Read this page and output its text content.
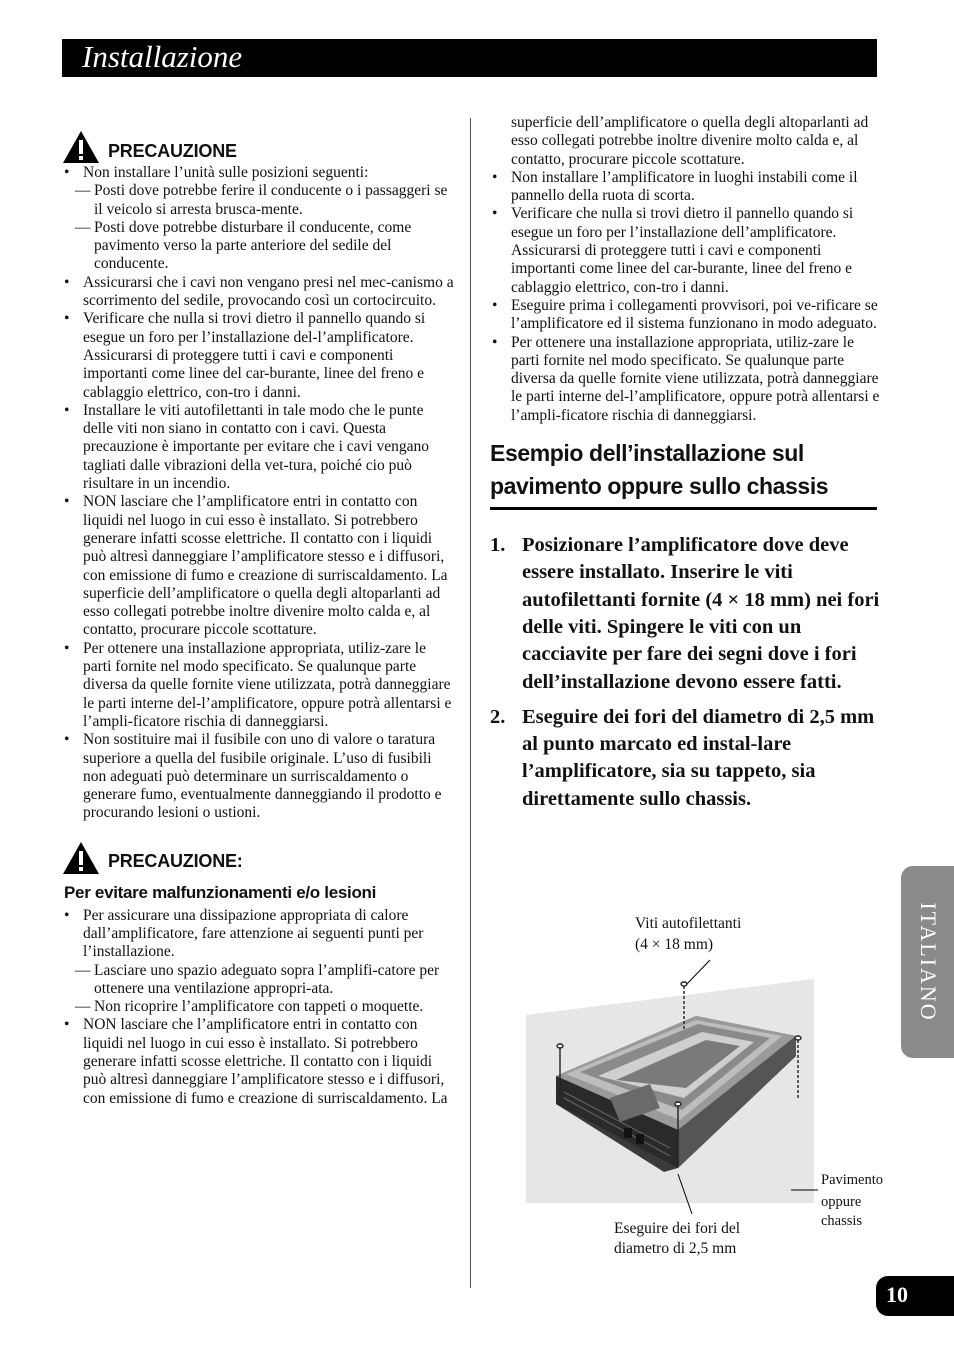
Installazione
PRECAUZIONE
• Non installare l’unità sulle posizioni seguenti:
— Posti dove potrebbe ferire il conducente o i passaggeri se il veicolo si arresta brusca-mente.
— Posti dove potrebbe disturbare il conducente, come pavimento verso la parte anteriore del sedile del conducente.
• Assicurarsi che i cavi non vengano presi nel mec-canismo a scorrimento del sedile, provocando così un cortocircuito.
• Verificare che nulla si trovi dietro il pannello quando si esegue un foro per l’installazione del-l’amplificatore. Assicurarsi di proteggere tutti i cavi e componenti importanti come linee del car-burante, linee del freno e cablaggio elettrico, con-tro i danni.
• Installare le viti autofilettanti in tale modo che le punte delle viti non siano in contatto con i cavi. Questa precauzione è importante per evitare che i cavi vengano tagliati dalle vibrazioni della vet-tura, poiché cio può risultare in un incendio.
• NON lasciare che l’amplificatore entri in contatto con liquidi nel luogo in cui esso è installato. Si potrebbero generare infatti scosse elettriche. Il contatto con i liquidi può altresì danneggiare l’amplificatore stesso e i diffusori, con emissione di fumo e creazione di surriscaldamento. La superficie dell’amplificatore o quella degli altoparlanti ad esso collegati potrebbe inoltre divenire molto calda e, al contatto, procurare piccole scottature.
• Per ottenere una installazione appropriata, utiliz-zare le parti fornite nel modo specificato. Se qualunque parte diversa da quelle fornite viene utilizzata, potrà danneggiare le parti interne del-l’amplificatore, oppure potrà allentarsi e l’ampli-ficatore rischia di danneggiarsi.
• Non sostituire mai il fusibile con uno di valore o taratura superiore a quella del fusibile originale. L’uso di fusibili non adeguati può determinare un surriscaldamento o generare fumo, eventualmente danneggiando il prodotto e procurando lesioni o ustioni.
PRECAUZIONE:
Per evitare malfunzionamenti e/o lesioni
• Per assicurare una dissipazione appropriata di calore dall’amplificatore, fare attenzione ai seguenti punti per l’installazione.
— Lasciare uno spazio adeguato sopra l’amplifi-catore per ottenere una ventilazione appropri-ata.
— Non ricoprire l’amplificatore con tappeti o moquette.
• NON lasciare che l’amplificatore entri in contatto con liquidi nel luogo in cui esso è installato. Si potrebbero generare infatti scosse elettriche. Il contatto con i liquidi può altresì danneggiare l’amplificatore stesso e i diffusori, con emissione di fumo e creazione di surriscaldamento. La
superficie dell’amplificatore o quella degli altoparlanti ad esso collegati potrebbe inoltre divenire molto calda e, al contatto, procurare piccole scottature.
• Non installare l’amplificatore in luoghi instabili come il pannello della ruota di scorta.
• Verificare che nulla si trovi dietro il pannello quando si esegue un foro per l’installazione dell’amplificatore. Assicurarsi di proteggere tutti i cavi e componenti importanti come linee del car-burante, linee del freno e cablaggio elettrico, con-tro i danni.
• Eseguire prima i collegamenti provvisori, poi ve-rificare se l’amplificatore ed il sistema funzionano in modo adeguato.
• Per ottenere una installazione appropriata, utiliz-zare le parti fornite nel modo specificato. Se qualunque parte diversa da quelle fornite viene utilizzata, potrà danneggiare le parti interne del-l’amplificatore, oppure potrà allentarsi e l’ampli-ficatore rischia di danneggiarsi.
Esempio dell’installazione sul pavimento oppure sullo chassis
1. Posizionare l’amplificatore dove deve essere installato. Inserire le viti autofilettanti fornite (4 × 18 mm) nei fori delle viti. Spingere le viti con un cacciavite per fare dei segni dove i fori dell’installazione devono essere fatti.
2. Eseguire dei fori del diametro di 2,5 mm al punto marcato ed instal-lare l’amplificatore, sia su tappeto, sia direttamente sullo chassis.
Viti autofilettanti
(4 × 18 mm)
Pavimento
oppure
chassis
Eseguire dei fori del
diametro di 2,5 mm
ITALIANO
10
